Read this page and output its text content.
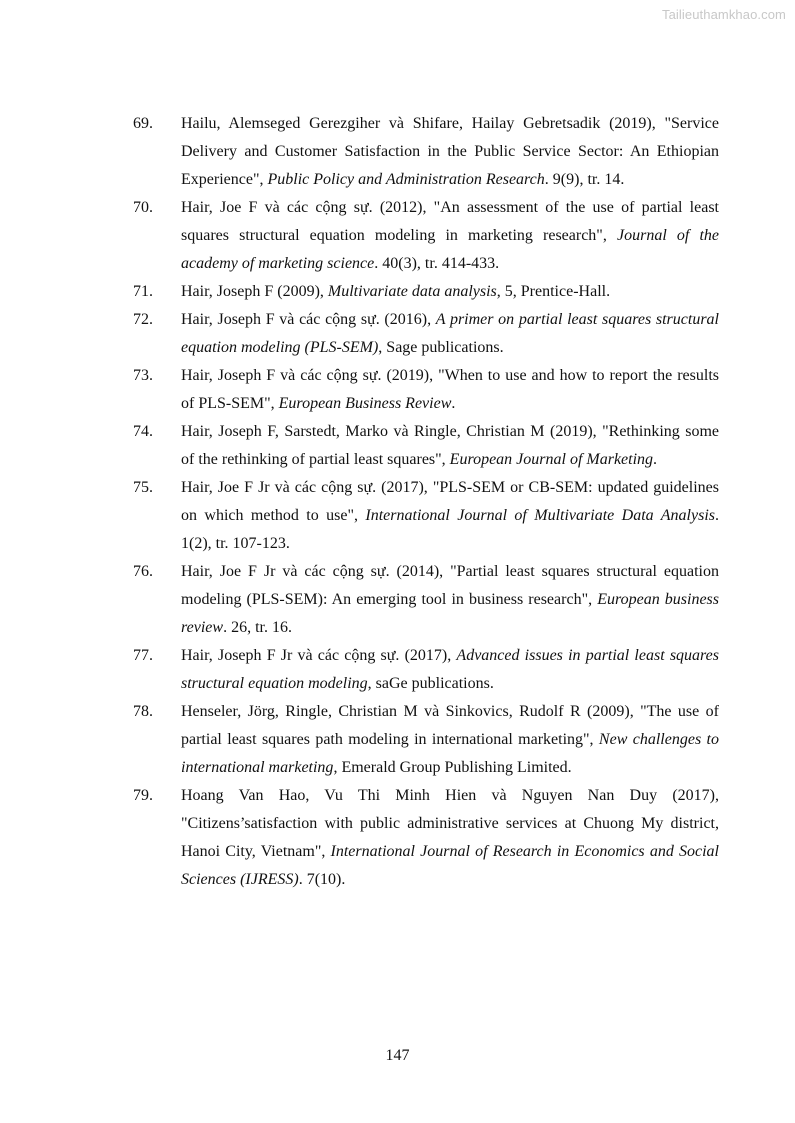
Tailieuthamkhao.com
69. Hailu, Alemseged Gerezgiher và Shifare, Hailay Gebretsadik (2019), "Service Delivery and Customer Satisfaction in the Public Service Sector: An Ethiopian Experience", Public Policy and Administration Research. 9(9), tr. 14.
70. Hair, Joe F và các cộng sự. (2012), "An assessment of the use of partial least squares structural equation modeling in marketing research", Journal of the academy of marketing science. 40(3), tr. 414-433.
71. Hair, Joseph F (2009), Multivariate data analysis, 5, Prentice-Hall.
72. Hair, Joseph F và các cộng sự. (2016), A primer on partial least squares structural equation modeling (PLS-SEM), Sage publications.
73. Hair, Joseph F và các cộng sự. (2019), "When to use and how to report the results of PLS-SEM", European Business Review.
74. Hair, Joseph F, Sarstedt, Marko và Ringle, Christian M (2019), "Rethinking some of the rethinking of partial least squares", European Journal of Marketing.
75. Hair, Joe F Jr và các cộng sự. (2017), "PLS-SEM or CB-SEM: updated guidelines on which method to use", International Journal of Multivariate Data Analysis. 1(2), tr. 107-123.
76. Hair, Joe F Jr và các cộng sự. (2014), "Partial least squares structural equation modeling (PLS-SEM): An emerging tool in business research", European business review. 26, tr. 16.
77. Hair, Joseph F Jr và các cộng sự. (2017), Advanced issues in partial least squares structural equation modeling, saGe publications.
78. Henseler, Jörg, Ringle, Christian M và Sinkovics, Rudolf R (2009), "The use of partial least squares path modeling in international marketing", New challenges to international marketing, Emerald Group Publishing Limited.
79. Hoang Van Hao, Vu Thi Minh Hien và Nguyen Nan Duy (2017), "Citizens’satisfaction with public administrative services at Chuong My district, Hanoi City, Vietnam", International Journal of Research in Economics and Social Sciences (IJRESS). 7(10).
147
